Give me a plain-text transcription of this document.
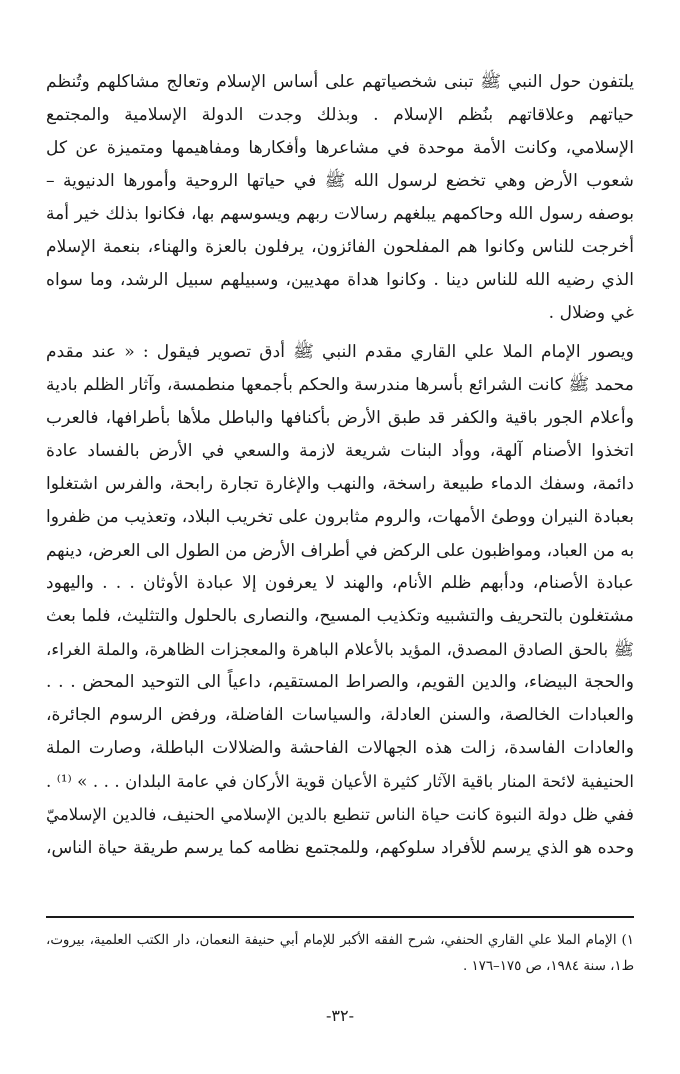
يلتفون حول النبي ﷺ تبنى شخصياتهم على أساس الإسلام وتعالج مشاكلهم وتُنظم
حياتهم وعلاقاتهم بنُظم الإسلام . وبذلك وجدت الدولة الإسلامية والمجتمع
الإسلامي، وكانت الأمة موحدة في مشاعرها وأفكارها ومفاهيمها ومتميزة عن كل
شعوب الأرض وهي تخضع لرسول الله ﷺ في حياتها الروحية وأمورها الدنيوية –
بوصفه رسول الله وحاكمهم يبلغهم رسالات ربهم ويسوسهم بها، فكانوا بذلك خير أمة
أخرجت للناس وكانوا هم المفلحون الفائزون، يرفلون بالعزة والهناء، بنعمة الإسلام
الذي رضيه الله للناس دينا . وكانوا هداة مهديين، وسبيلهم سبيل الرشد، وما سواه
غي وضلال .

ويصور الإمام الملا علي القاري مقدم النبي ﷺ أدق تصوير فيقول : « عند مقدم
محمد ﷺ كانت الشرائع بأسرها مندرسة والحكم بأجمعها منطمسة، وآثار الظلم بادية
وأعلام الجور باقية والكفر قد طبق الأرض بأكنافها والباطل ملأها بأطرافها، فالعرب
اتخذوا الأصنام آلهة، ووأد البنات شريعة لازمة والسعي في الأرض بالفساد عادة
دائمة، وسفك الدماء طبيعة راسخة، والنهب والإغارة تجارة رابحة، والفرس اشتغلوا
بعبادة النيران ووطئ الأمهات، والروم مثابرون على تخريب البلاد، وتعذيب من ظفروا
به من العباد، ومواظبون على الركض في أطراف الأرض من الطول الى العرض، دينهم
عبادة الأصنام، ودأبهم ظلم الأنام، والهند لا يعرفون إلا عبادة الأوثان . . . واليهود
مشتغلون بالتحريف والتشبيه وتكذيب المسيح، والنصارى بالحلول والتثليث، فلما بعث
ﷺ بالحق الصادق المصدق، المؤيد بالأعلام الباهرة والمعجزات الظاهرة، والملة الغراء،
والحجة البيضاء، والدين القويم، والصراط المستقيم، داعياً الى التوحيد المحض . . .
والعبادات الخالصة، والسنن العادلة، والسياسات الفاضلة، ورفض الرسوم الجائرة،
والعادات الفاسدة، زالت هذه الجهالات الفاحشة والضلالات الباطلة، وصارت الملة
الحنيفية لائحة المنار باقية الآثار كثيرة الأعيان قوية الأركان في عامة البلدان . . . » ⁽¹⁾ .
ففي ظل دولة النبوة كانت حياة الناس تنطبع بالدين الإسلامي الحنيف، فالدين الإسلاميّ
وحده هو الذي يرسم للأفراد سلوكهم، وللمجتمع نظامه كما يرسم طريقة حياة الناس،

١) الإمام الملا علي القاري الحنفي، شرح الفقه الأكبر للإمام أبي حنيفة النعمان، دار الكتب العلمية، بيروت،
ط١، سنة ١٩٨٤، ص ١٧٥–١٧٦ .
-٣٢-
